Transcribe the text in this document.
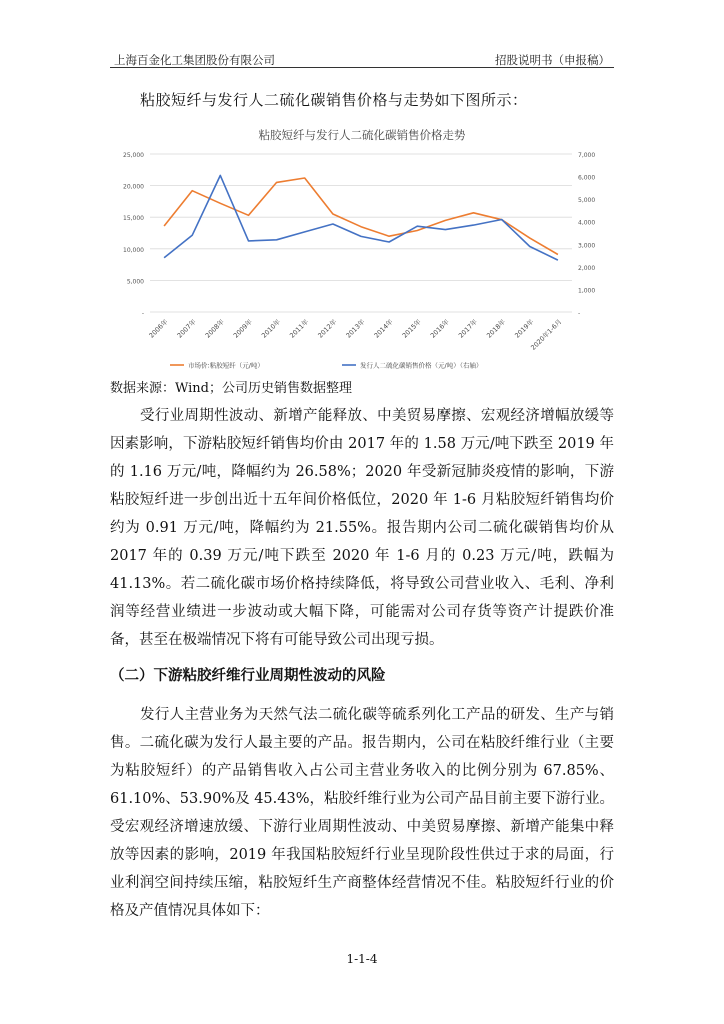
上海百金化工集团股份有限公司	招股说明书（申报稿）
粘胶短纤与发行人二硫化碳销售价格与走势如下图所示：
粘胶短纤与发行人二硫化碳销售价格走势
-
5,000
10,000
15,000
20,000
25,000
-
1,000
2,000
3,000
4,000
5,000
6,000
7,000
2006年 2007年 2008年 2009年 2010年 2011年 2012年 2013年 2014年 2015年 2016年 2017年 2018年 2019年
2020年1-6月
市场价:粘胶短纤（元/吨）	发行人二硫化碳销售价格（元/吨）（右轴）
数据来源：Wind；公司历史销售数据整理

受行业周期性波动、新增产能释放、中美贸易摩擦、宏观经济增幅放缓等因素影响，下游粘胶短纤销售均价由 2017 年的 1.58 万元/吨下跌至 2019 年的 1.16 万元/吨，降幅约为 26.58%；2020 年受新冠肺炎疫情的影响，下游粘胶短纤进一步创出近十五年间价格低位，2020 年 1-6 月粘胶短纤销售均价约为 0.91 万元/吨，降幅约为 21.55%。报告期内公司二硫化碳销售均价从 2017 年的 0.39 万元/吨下跌至 2020 年 1-6 月的 0.23 万元/吨，跌幅为 41.13%。若二硫化碳市场价格持续降低，将导致公司营业收入、毛利、净利润等经营业绩进一步波动或大幅下降，可能需对公司存货等资产计提跌价准备，甚至在极端情况下将有可能导致公司出现亏损。

（二）下游粘胶纤维行业周期性波动的风险

发行人主营业务为天然气法二硫化碳等硫系列化工产品的研发、生产与销售。二硫化碳为发行人最主要的产品。报告期内，公司在粘胶纤维行业（主要为粘胶短纤）的产品销售收入占公司主营业务收入的比例分别为 67.85%、61.10%、53.90%及 45.43%，粘胶纤维行业为公司产品目前主要下游行业。受宏观经济增速放缓、下游行业周期性波动、中美贸易摩擦、新增产能集中释放等因素的影响，2019 年我国粘胶短纤行业呈现阶段性供过于求的局面，行业利润空间持续压缩，粘胶短纤生产商整体经营情况不佳。粘胶短纤行业的价格及产值情况具体如下：

1-1-4
